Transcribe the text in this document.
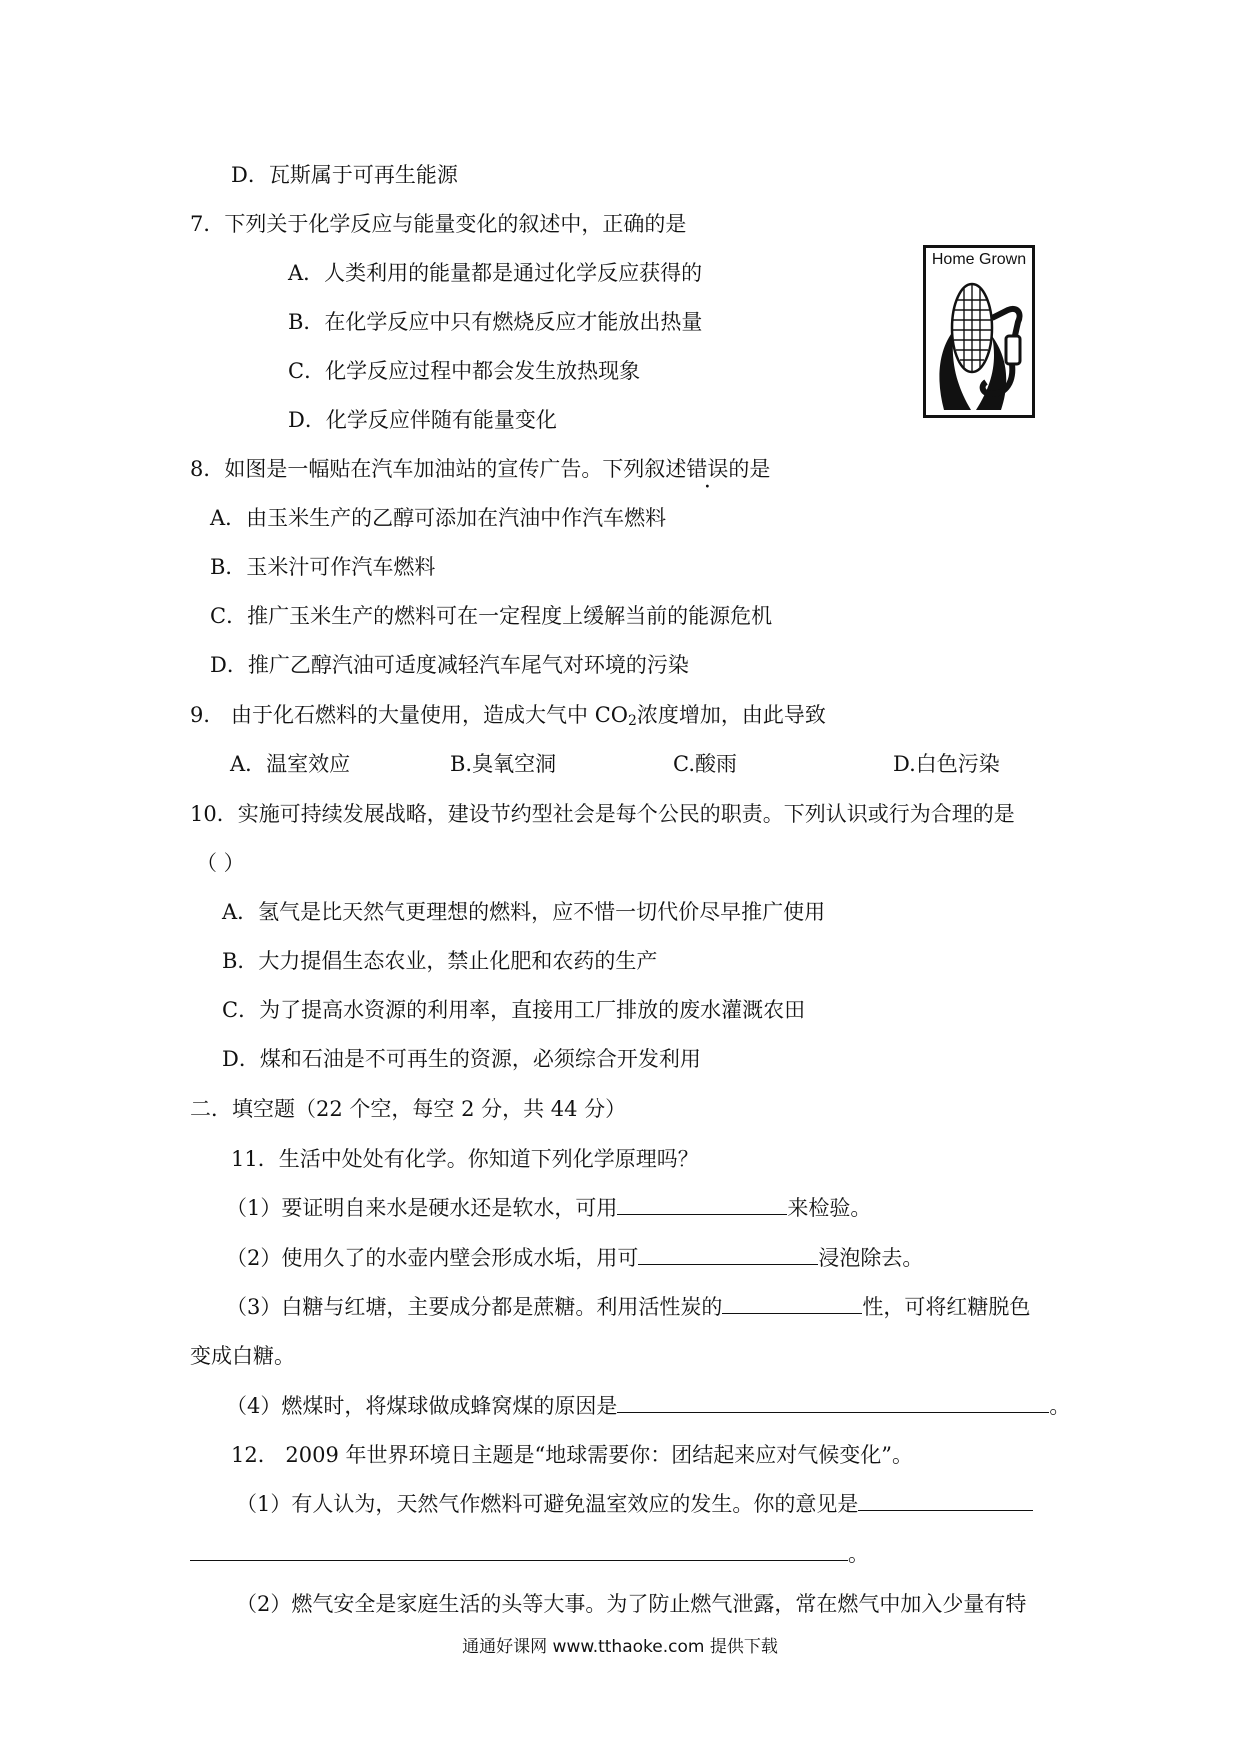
D．瓦斯属于可再生能源
7．下列关于化学反应与能量变化的叙述中，正确的是
A．人类利用的能量都是通过化学反应获得的
B．在化学反应中只有燃烧反应才能放出热量
C．化学反应过程中都会发生放热现象
D．化学反应伴随有能量变化
Home Grown
8．如图是一幅贴在汽车加油站的宣传广告。下列叙述错误的是
A．由玉米生产的乙醇可添加在汽油中作汽车燃料
B．玉米汁可作汽车燃料
C．推广玉米生产的燃料可在一定程度上缓解当前的能源危机
D．推广乙醇汽油可适度减轻汽车尾气对环境的污染
9． 由于化石燃料的大量使用，造成大气中 $CO_2$浓度增加，由此导致
A．温室效应	B.臭氧空洞	C.酸雨	D.白色污染
10．实施可持续发展战略，建设节约型社会是每个公民的职责。下列认识或行为合理的是
（ ）
A．氢气是比天然气更理想的燃料，应不惜一切代价尽早推广使用
B．大力提倡生态农业，禁止化肥和农药的生产
C．为了提高水资源的利用率，直接用工厂排放的废水灌溉农田
D．煤和石油是不可再生的资源，必须综合开发利用
二．填空题（22 个空，每空 2 分，共 44 分）
11．生活中处处有化学。你知道下列化学原理吗？
（1）要证明自来水是硬水还是软水，可用	来检验。
（2）使用久了的水壶内壁会形成水垢，用可	浸泡除去。
（3）白糖与红塘，主要成分都是蔗糖。利用活性炭的	性，可将红糖脱色
变成白糖。
（4）燃煤时，将煤球做成蜂窝煤的原因是	。
12． 2009 年世界环境日主题是“地球需要你：团结起来应对气候变化”。
（1）有人认为，天然气作燃料可避免温室效应的发生。你的意见是
。
（2）燃气安全是家庭生活的头等大事。为了防止燃气泄露，常在燃气中加入少量有特
通通好课网 www.tthaoke.com 提供下载
